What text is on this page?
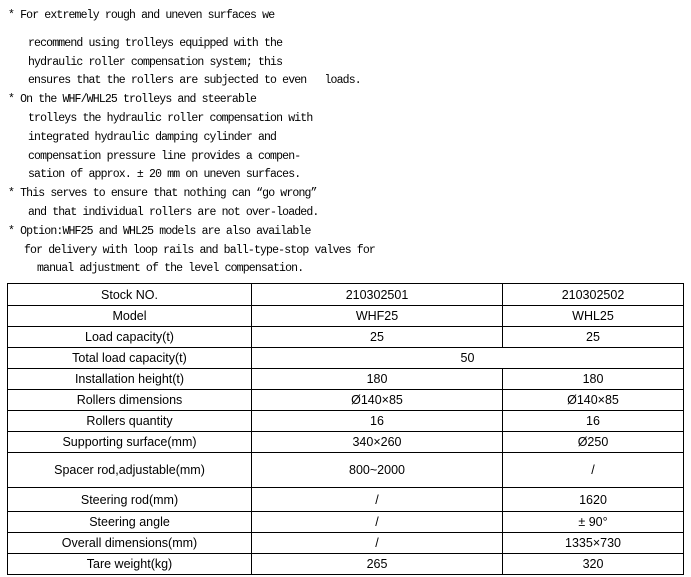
* For extremely rough and uneven surfaces we
recommend using trolleys equipped with the
hydraulic roller compensation system; this
ensures that the rollers are subjected to even   loads.
* On the WHF/WHL25 trolleys and steerable
trolleys the hydraulic roller compensation with
integrated hydraulic damping cylinder and
compensation pressure line provides a compen-
sation of approx. ± 20 mm on uneven surfaces.
* This serves to ensure that nothing can “go wrong”
and that individual rollers are not over-loaded.
* Option:WHF25 and WHL25 models are also available
for delivery with loop rails and ball-type-stop valves for
manual adjustment of the level compensation.
Stock NO.	210302501	210302502
Model	WHF25	WHL25
Load capacity(t)	25	25
Total load capacity(t)	50	
Installation height(t)	180	180
Rollers dimensions	Ø140×85	Ø140×85
Rollers quantity	16	16
Supporting surface(mm)	340×260	Ø250
Spacer rod,adjustable(mm)	800~2000	/
Steering rod(mm)	/	1620
Steering angle	/	± 90°
Overall dimensions(mm)	/	1335×730
Tare weight(kg)	265	320
